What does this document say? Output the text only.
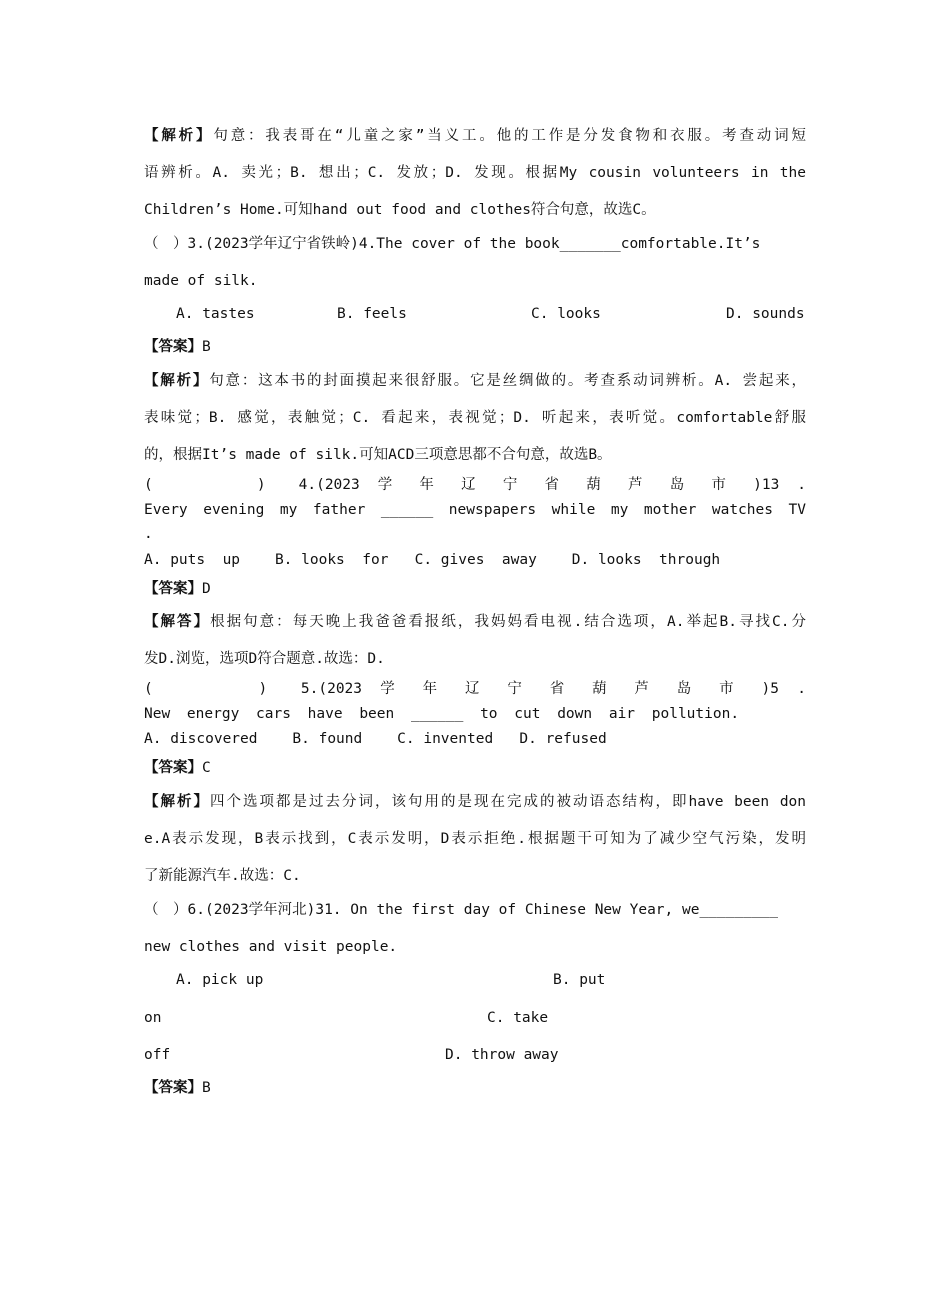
【解析】句意：我表哥在“儿童之家”当义工。他的工作是分发食物和衣服。考查动词短
语辨析。A. 卖光；B. 想出；C. 发放；D. 发现。根据My cousin volunteers in the
Children’s Home.可知hand out food and clothes符合句意，故选C。
（　）3.(2023学年辽宁省铁岭)4.The cover of the book_______comfortable.It’s
made of silk.
A. tastes	B. feels	C. looks	D. sounds
【答案】B
【解析】句意：这本书的封面摸起来很舒服。它是丝绸做的。考查系动词辨析。A. 尝起来，
表味觉；B. 感觉，表触觉；C. 看起来，表视觉；D. 听起来，表听觉。comfortable舒服
的，根据It’s made of silk.可知ACD三项意思都不合句意，故选B。
(　　　　)　4.(2023 学 年 辽 宁 省 葫 芦 岛 市 )13 .
Every evening my father ______ newspapers while my mother watches TV
.
A. puts  up    B. looks  for   C. gives  away    D. looks  through
【答案】D
【解答】根据句意：每天晚上我爸爸看报纸，我妈妈看电视.结合选项，A.举起B.寻找C.分
发D.浏览，选项D符合题意.故选：D.
(　　　　)　5.(2023 学 年 辽 宁 省 葫 芦 岛 市 )5 .
New energy cars have been ______ to cut down air pollution.
A. discovered    B. found    C. invented   D. refused
【答案】C
【解析】四个选项都是过去分词，该句用的是现在完成的被动语态结构，即have been don
e.A表示发现，B表示找到，C表示发明，D表示拒绝.根据题干可知为了减少空气污染，发明
了新能源汽车.故选：C.
（　）6.(2023学年河北)31. On the first day of Chinese New Year, we_________
new clothes and visit people.
A. pick up	B. put
on	C. take
off	D. throw away
【答案】B
